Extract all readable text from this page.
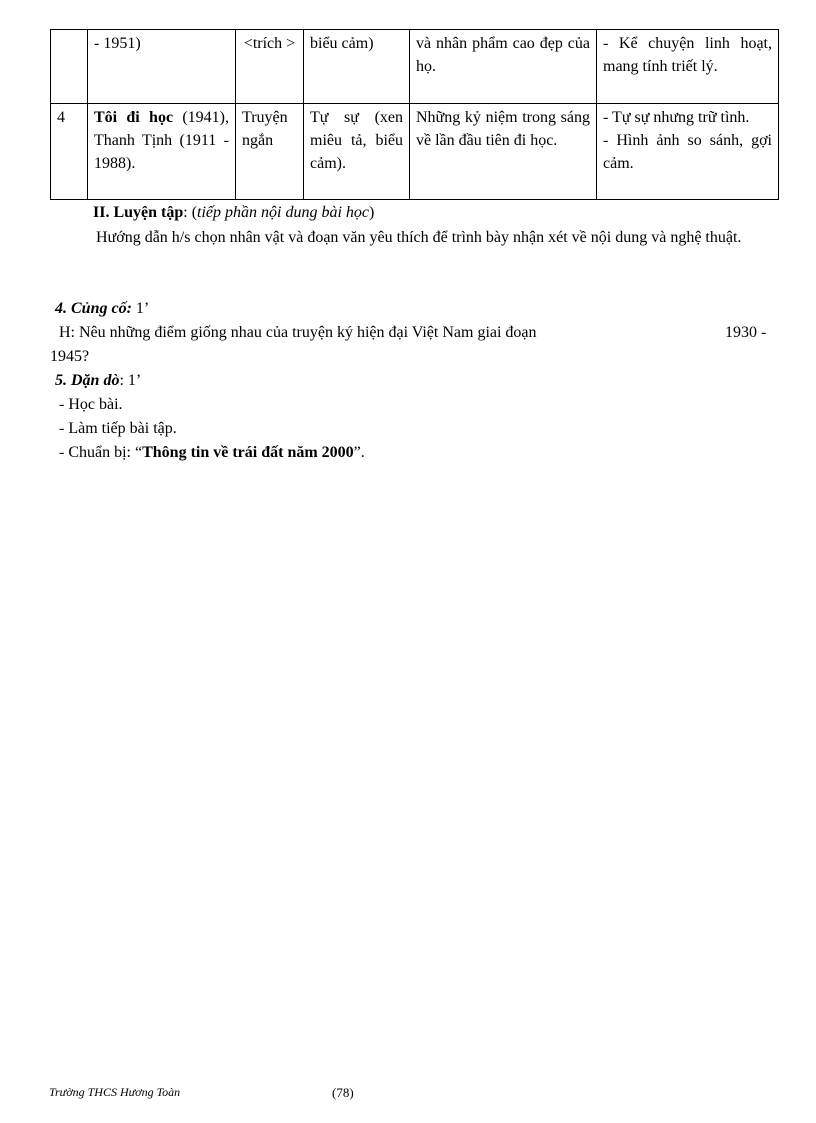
	- 1951)	<trích >	biểu cảm)	và nhân phẩm cao đẹp của họ.	- Kể chuyện linh hoạt, mang tính triết lý.
4	Tôi đi học (1941), Thanh Tịnh (1911 - 1988).	Truyện ngắn	Tự sự (xen miêu tả, biểu cảm).	Những kỷ niệm trong sáng về lần đầu tiên đi học.	- Tự sự nhưng trữ tình.
- Hình ảnh so sánh, gợi cảm.
II. Luyện tập: (tiếp phần nội dung bài học)
Hướng dẫn h/s chọn nhân vật và đoạn văn yêu thích để trình bày nhận xét về nội dung và nghệ thuật.
4. Củng cố: 1’
H: Nêu những điểm giống nhau của truyện ký hiện đại Việt Nam giai đoạn	1930 -
1945?
5. Dặn dò: 1’
- Học bài.
- Làm tiếp bài tập.
- Chuẩn bị: “Thông tin về trái đất năm 2000”.
Trường THCS Hương Toàn	(78)
